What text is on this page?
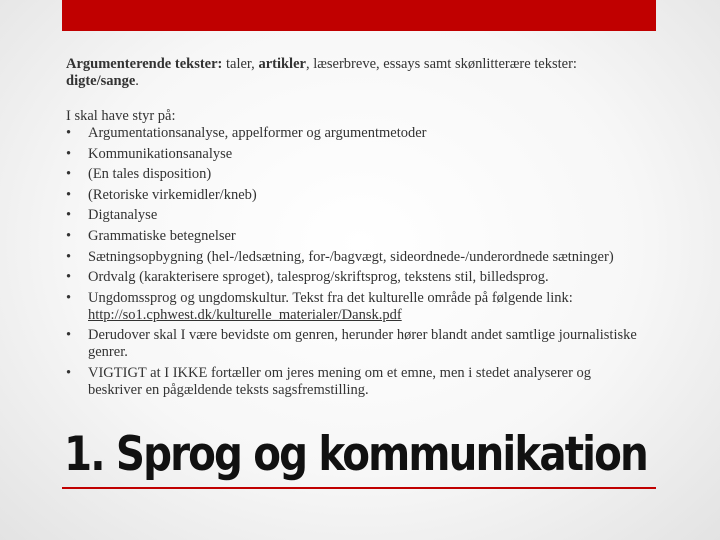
Argumenterende tekster: taler, artikler, læserbreve, essays samt skønlitterære tekster: digte/sange.

I skal have styr på:

• Argumentationsanalyse, appelformer og argumentmetoder
• Kommunikationsanalyse
• (En tales disposition)
• (Retoriske virkemidler/kneb)
• Digtanalyse
• Grammatiske betegnelser
• Sætningsopbygning (hel-/ledsætning, for-/bagvægt, sideordnede-/underordnede sætninger)
• Ordvalg (karakterisere sproget), talesprog/skriftsprog, tekstens stil, billedsprog.
• Ungdomssprog og ungdomskultur. Tekst fra det kulturelle område på følgende link: http://so1.cphwest.dk/kulturelle_materialer/Dansk.pdf
• Derudover skal I være bevidste om genren, herunder hører blandt andet samtlige journalistiske genrer.
• VIGTIGT at I IKKE fortæller om jeres mening om et emne, men i stedet analyserer og beskriver en pågældende teksts sagsfremstilling.
1. Sprog og kommunikation
